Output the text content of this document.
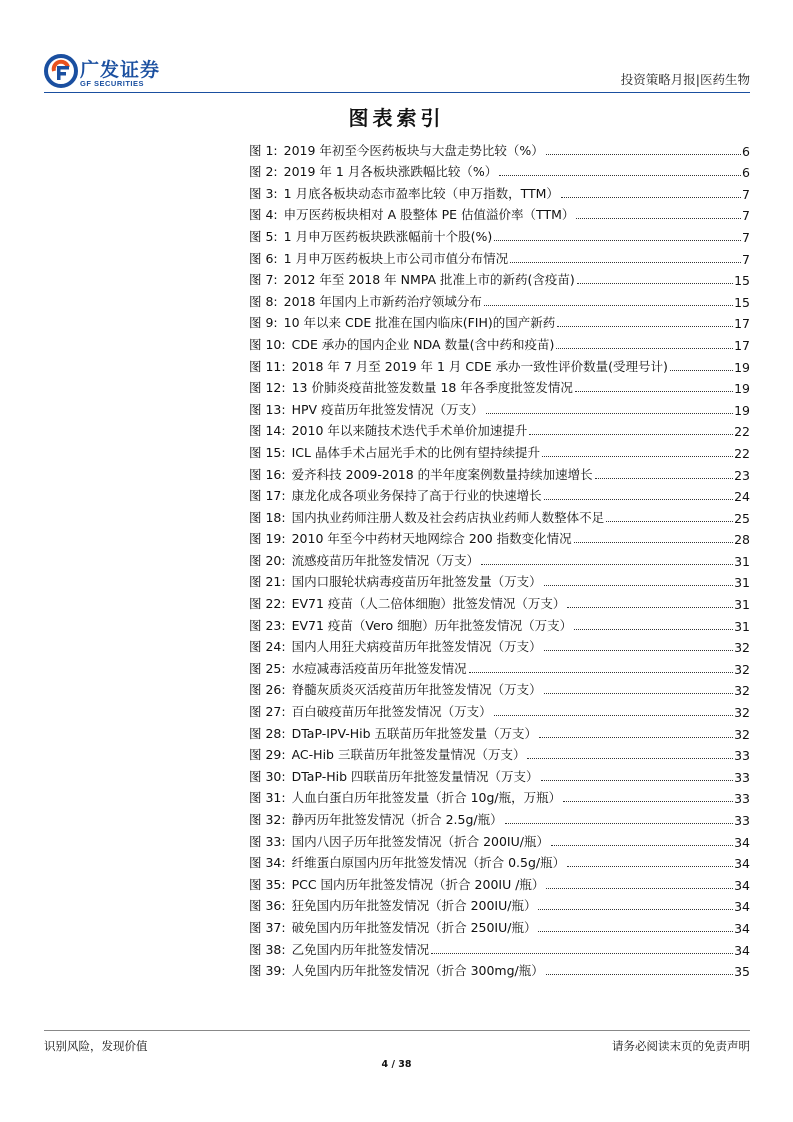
广发证券
GF SECURITIES	投资策略月报|医药生物
图表索引
图 1: 2019 年初至今医药板块与大盘走势比较（%）	6
图 2: 2019 年 1 月各板块涨跌幅比较（%）	6
图 3: 1 月底各板块动态市盈率比较（申万指数，TTM）	7
图 4: 申万医药板块相对 A 股整体 PE 估值溢价率（TTM）	7
图 5: 1 月申万医药板块跌涨幅前十个股(%)	7
图 6: 1 月申万医药板块上市公司市值分布情况	7
图 7: 2012 年至 2018 年 NMPA 批准上市的新药(含疫苗)	15
图 8: 2018 年国内上市新药治疗领域分布	15
图 9: 10 年以来 CDE 批准在国内临床(FIH)的国产新药	17
图 10: CDE 承办的国内企业 NDA 数量(含中药和疫苗)	17
图 11: 2018 年 7 月至 2019 年 1 月 CDE 承办一致性评价数量(受理号计)	19
图 12: 13 价肺炎疫苗批签发数量 18 年各季度批签发情况	19
图 13: HPV 疫苗历年批签发情况（万支）	19
图 14: 2010 年以来随技术迭代手术单价加速提升	22
图 15: ICL 晶体手术占屈光手术的比例有望持续提升	22
图 16: 爱齐科技 2009-2018 的半年度案例数量持续加速增长	23
图 17: 康龙化成各项业务保持了高于行业的快速增长	24
图 18: 国内执业药师注册人数及社会药店执业药师人数整体不足	25
图 19: 2010 年至今中药材天地网综合 200 指数变化情况	28
图 20: 流感疫苗历年批签发情况（万支）	31
图 21: 国内口服轮状病毒疫苗历年批签发量（万支）	31
图 22: EV71 疫苗（人二倍体细胞）批签发情况（万支）	31
图 23: EV71 疫苗（Vero 细胞）历年批签发情况（万支）	31
图 24: 国内人用狂犬病疫苗历年批签发情况（万支）	32
图 25: 水痘减毒活疫苗历年批签发情况	32
图 26: 脊髓灰质炎灭活疫苗历年批签发情况（万支）	32
图 27: 百白破疫苗历年批签发情况（万支）	32
图 28: DTaP-IPV-Hib 五联苗历年批签发量（万支）	32
图 29: AC-Hib 三联苗历年批签发量情况（万支）	33
图 30: DTaP-Hib 四联苗历年批签发量情况（万支）	33
图 31: 人血白蛋白历年批签发量（折合 10g/瓶，万瓶）	33
图 32: 静丙历年批签发情况（折合 2.5g/瓶）	33
图 33: 国内八因子历年批签发情况（折合 200IU/瓶）	34
图 34: 纤维蛋白原国内历年批签发情况（折合 0.5g/瓶）	34
图 35: PCC 国内历年批签发情况（折合 200IU /瓶）	34
图 36: 狂免国内历年批签发情况（折合 200IU/瓶）	34
图 37: 破免国内历年批签发情况（折合 250IU/瓶）	34
图 38: 乙免国内历年批签发情况	34
图 39: 人免国内历年批签发情况（折合 300mg/瓶）	35
识别风险，发现价值	请务必阅读末页的免责声明
4 / 38
